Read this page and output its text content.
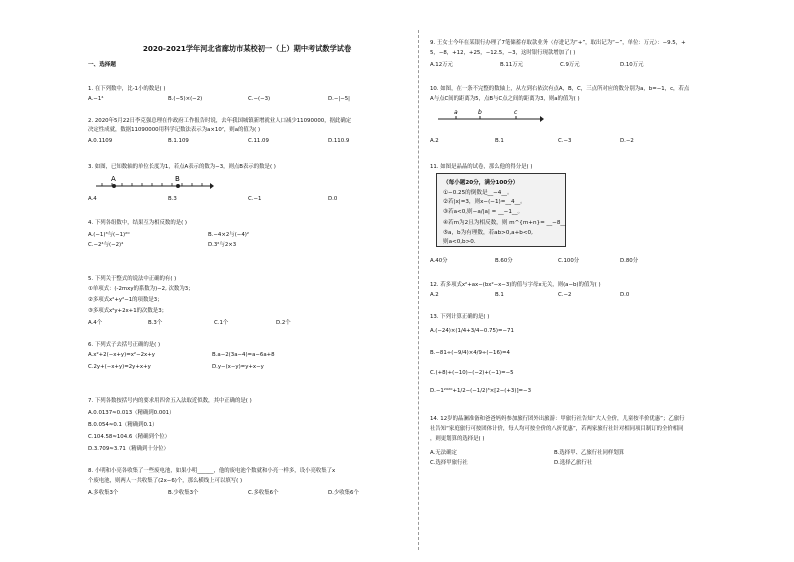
2020-2021学年河北省廊坊市某校初一（上）期中考试数学试卷
一、选择题
1. 在下列数中，比-1小的数是( )
A.−1⁴	B.(−5)×(−2)	C.−(−3)	D.−|−5|
2. 2020年5月22日李克强总理在作政府工作报告时说，去年我国城镇新增就业人口减少11090000，据此确定
决定性成就，数据11090000用科学记数法表示为a×10⁷，则a的值为( )
A.0.1109	B.1.109	C.11.09	D.110.9
3. 如图，已知数轴的单位长度为1，若点A表示的数为−3，则点B表示的数是( )
A	B
A.4	B.3	C.−1	D.0
4. 下列各组数中，结果互为相反数的是( )
A.(−1)³与(−1)²⁰	B.−4×2与(−4)²
C.−2⁴与(−2)⁴	D.3²与2×3
5. 下列关于整式的说法中正确的有( )
①单项式：(-2mxy的系数为)−2, 次数为3；
②多项式x²+y²−1的项数是3；
③多项式x²y+2x+1的次数是3；
A.4个	B.3个	C.1个	D.2个
6. 下列式子去括号正确的是( )
A.x²+2(−x+y)=x²−2x+y	B.a−2(3a−4)=a−6a+8
C.2y+(−x+y)=2y+x+y	D.y−(x−y)=y+x−y
7. 下列各数按括号内的要求用四舍五入法取近似数，其中正确的是( )
A.0.0137≈0.013（精确到0.001）
B.0.054≈0.1（精确到0.1）
C.104.58≈104.6（精确到个位）
D.3.709≈3.71（精确到十分位）
8. 小明和小亮各收集了一些废电池，如果小明______，他的废电池个数就和小亮一样多，设小亮收集了x
个废电池，则两人一共收集了(2x−6)个，那么横线上可以填写( )
A.多收集3个	B.少收集3个	C.多收集6个	D.少收集6个
9. 王女士今年在某银行办理了7笔储蓄存取款业务（存进记为“+”，取出记为“−”，单位：万元）：−9.5，+
5，−8，+12，+25，−12.5，−3，这时银行现款增加了( )
A.12万元	B.11万元	C.9万元	D.10万元
10. 如图，在一条不完整的数轴上，从左到右依次有点A，B，C，三点所对应的数分别为a，b=−1，c，若点
A与点C间的距离为5，点B与C点之间的距离为3，则a的值为( )
a	b	c
A.2	B.1	C.−3	D.−2
11. 如图是晶晶的试卷，那么他的得分是( )
（每小题20分，满分100分）
①−0.25的倒数是__−4__。
②若|x|=3，则x−(−1)=__4__。
③若a<0,则−a/|a| = __−1__。
④若m为2且为相反数，则 m^{m+n}= __−8__
⑤a，b为有理数，若ab>0,a+b<0,
则a<0,b>0.
A.40分	B.60分	C.100分	D.80分
12. 若多项式x²+ax−(bx²−x−3)的值与字母x无关，则(a−b)的值为( )
A.2	B.1	C.−2	D.0
13. 下列计算正确的是( )
A.(−24)×(1/4+3/4−0.75)=−71
B.−81÷(−9/4)×4/9÷(−16)=4
C.(+8)+(−10)−(−2)+(−1)=−5
D.−1²⁰²⁰+1/2−(−1/2)³×[2−(+3)]=−3
14. 12岁的晶澜准备和爸爸妈妈参加旅行团外出旅游：甲旅行社告知“大人全价，儿童按半价优惠”；乙旅行
社告知“家庭旅行可按团体计价，每人均可按全价的八折优惠”，若两家旅行社针对相同项目制订的全价相同
，则更划算的选择是( )
A.无法确定	B.选择甲、乙旅行社同样划算
C.选择甲旅行社	D.选择乙旅行社
